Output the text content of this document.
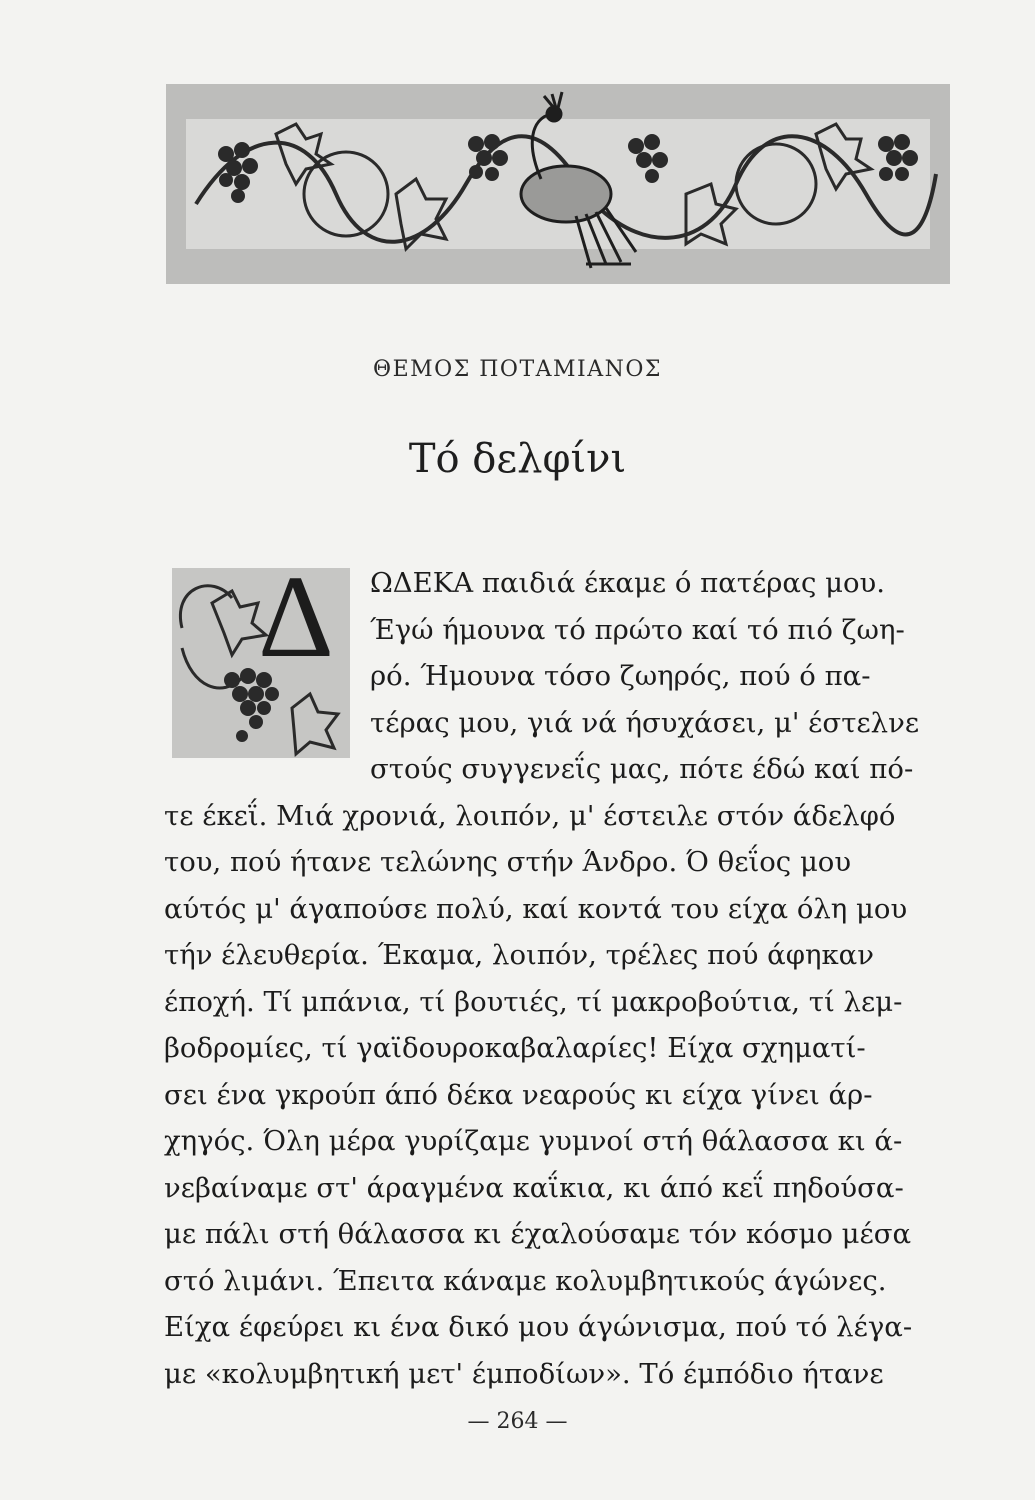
ΘΕΜΟΣ ΠΟΤΑΜΙΑΝΟΣ
Τό δελφίνι
Δ ΩΔΕΚΑ παιδιά έκαμε ό πατέρας μου.
Έγώ ήμουνα τό πρώτο καί τό πιό ζωη-
ρό. Ήμουνα τόσο ζωηρός, πού ό πα-
τέρας μου, γιά νά ήσυχάσει, μ' έστελνε
στούς συγγενεΐς μας, πότε έδώ καί πό-
τε έκεΐ. Μιά χρονιά, λοιπόν, μ' έστειλε στόν άδελφό
του, πού ήτανε τελώνης στήν Άνδρο. Ό θεΐος μου
αύτός μ' άγαπούσε πολύ, καί κοντά του είχα όλη μου
τήν έλευθερία. Έκαμα, λοιπόν, τρέλες πού άφηκαν
έποχή. Τί μπάνια, τί βουτιές, τί μακροβούτια, τί λεμ-
βοδρομίες, τί γαϊδουροκαβαλαρίες! Είχα σχηματί-
σει ένα γκρούπ άπό δέκα νεαρούς κι είχα γίνει άρ-
χηγός. Όλη μέρα γυρίζαμε γυμνοί στή θάλασσα κι ά-
νεβαίναμε στ' άραγμένα καΐκια, κι άπό κεΐ πηδούσα-
με πάλι στή θάλασσα κι έχαλούσαμε τόν κόσμο μέσα
στό λιμάνι. Έπειτα κάναμε κολυμβητικούς άγώνες.
Είχα έφεύρει κι ένα δικό μου άγώνισμα, πού τό λέγα-
με «κολυμβητική μετ' έμποδίων». Τό έμπόδιο ήτανε
— 264 —
